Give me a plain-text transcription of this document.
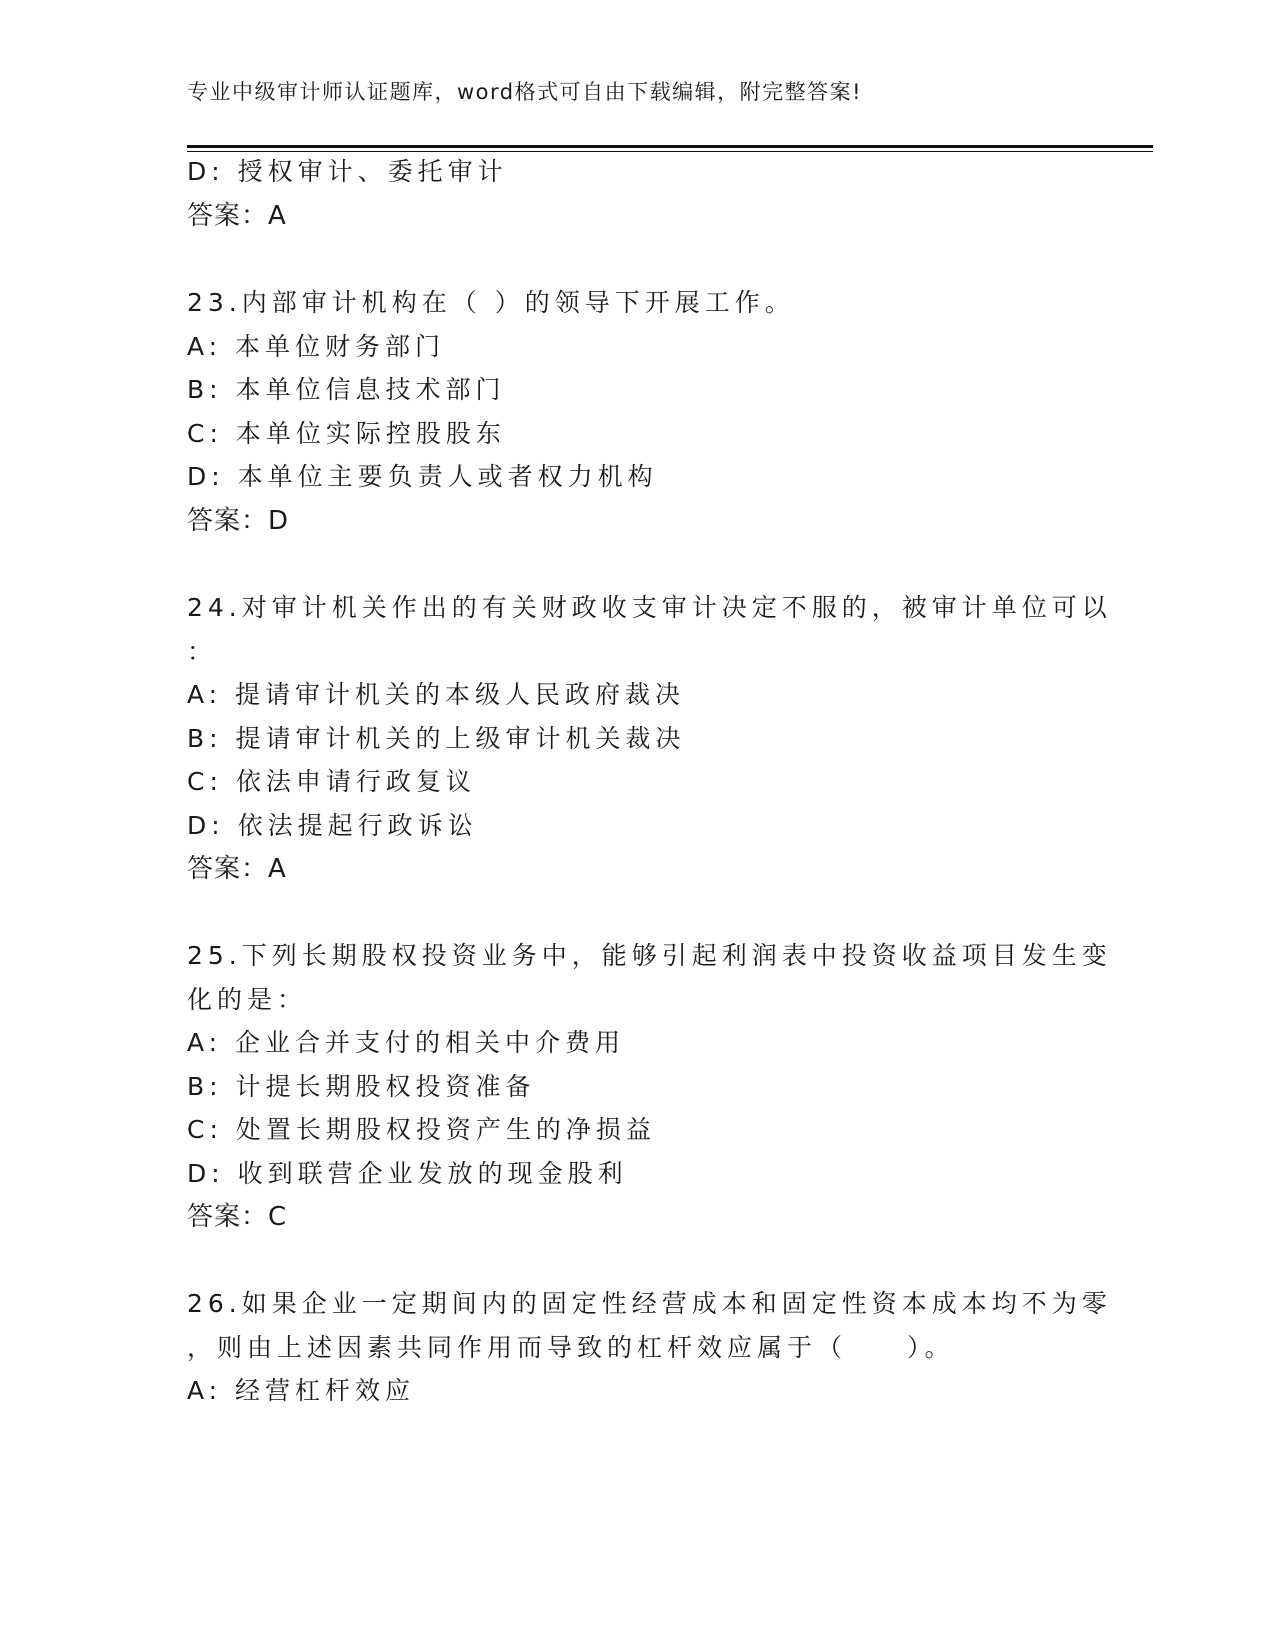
专业中级审计师认证题库，word格式可自由下载编辑，附完整答案!
D: 授权审计、委托审计
答案：A
23.内部审计机构在（ ）的领导下开展工作。
A: 本单位财务部门
B: 本单位信息技术部门
C: 本单位实际控股股东
D: 本单位主要负责人或者权力机构
答案：D
24.对审计机关作出的有关财政收支审计决定不服的，被审计单位可以
：
A: 提请审计机关的本级人民政府裁决
B: 提请审计机关的上级审计机关裁决
C: 依法申请行政复议
D: 依法提起行政诉讼
答案：A
25.下列长期股权投资业务中，能够引起利润表中投资收益项目发生变
化的是：
A: 企业合并支付的相关中介费用
B: 计提长期股权投资准备
C: 处置长期股权投资产生的净损益
D: 收到联营企业发放的现金股利
答案：C
26.如果企业一定期间内的固定性经营成本和固定性资本成本均不为零
，则由上述因素共同作用而导致的杠杆效应属于（　　）。
A: 经营杠杆效应
